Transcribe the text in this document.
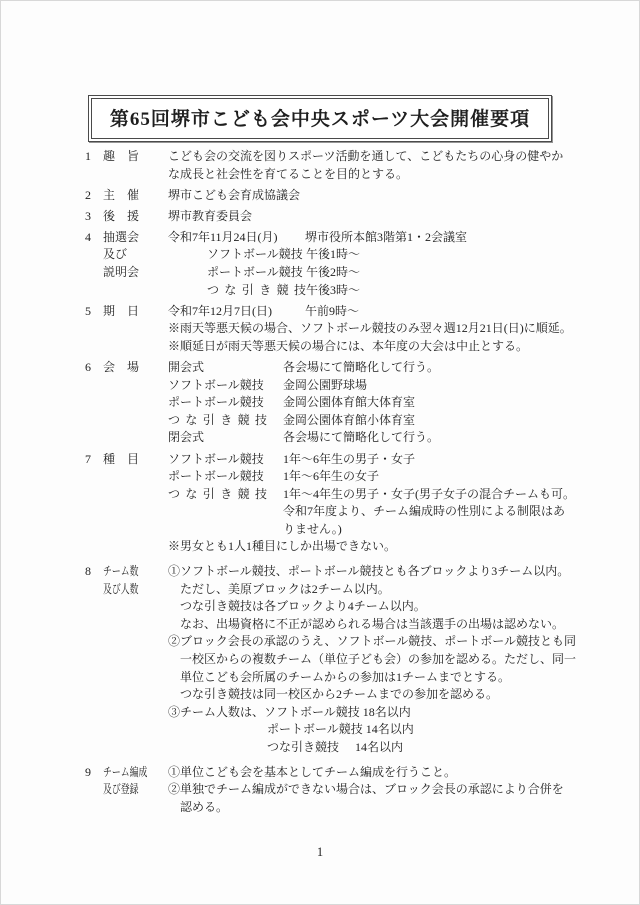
第65回堺市こども会中央スポーツ大会開催要項
1	趣　旨	こども会の交流を図りスポーツ活動を通して、こどもたちの心身の健やか
な成長と社会性を育てることを目的とする。
2	主　催	堺市こども会育成協議会
3	後　援	堺市教育委員会
4	抽選会	令和7年11月24日(月) 堺市役所本館3階第1・2会議室
及び	ソフトボール競技 午後1時～
説明会	ポートボール競技 午後2時～
つな引き競技午後3時～
5	期　日	令和7年12月7日(日)	午前9時～
※雨天等悪天候の場合、ソフトボール競技のみ翌々週12月21日(日)に順延。
※順延日が雨天等悪天候の場合には、本年度の大会は中止とする。
6	会　場	開会式	各会場にて簡略化して行う。
ソフトボール競技 金岡公園野球場
ポートボール競技 金岡公園体育館大体育室
つな引き競技 金岡公園体育館小体育室
閉会式	各会場にて簡略化して行う。
7	種　目	ソフトボール競技 1年～6年生の男子・女子
ポートボール競技 1年～6年生の女子
つな引き競技 1年～4年生の男子・女子(男子女子の混合チームも可。
令和7年度より、チーム編成時の性別による制限はあ
りません。)
※男女とも1人1種目にしか出場できない。
8	チーム数	①ソフトボール競技、ポートボール競技とも各ブロックより3チーム以内。
及び人数	ただし、美原ブロックは2チーム以内。
つな引き競技は各ブロックより4チーム以内。
なお、出場資格に不正が認められる場合は当該選手の出場は認めない。
②ブロック会長の承認のうえ、ソフトボール競技、ポートボール競技とも同
一校区からの複数チーム（単位子ども会）の参加を認める。ただし、同一
単位こども会所属のチームからの参加は1チームまでとする。
つな引き競技は同一校区から2チームまでの参加を認める。
③チーム人数は、ソフトボール競技 18名以内
ポートボール競技 14名以内
つな引き競技 14名以内
9	チーム編成	①単位こども会を基本としてチーム編成を行うこと。
及び登録	②単独でチーム編成ができない場合は、ブロック会長の承認により合併を
認める。
1
